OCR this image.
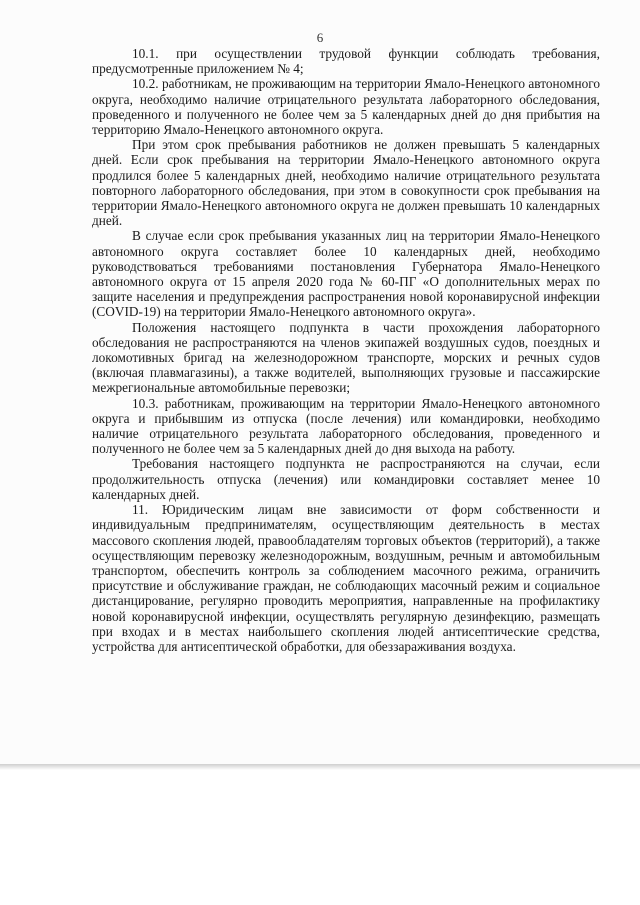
6

10.1. при осуществлении трудовой функции соблюдать требования, предусмотренные приложением № 4;

10.2. работникам, не проживающим на территории Ямало-Ненецкого автономного округа, необходимо наличие отрицательного результата лабораторного обследования, проведенного и полученного не более чем за 5 календарных дней до дня прибытия на территорию Ямало-Ненецкого автономного округа.

При этом срок пребывания работников не должен превышать 5 календарных дней. Если срок пребывания на территории Ямало-Ненецкого автономного округа продлился более 5 календарных дней, необходимо наличие отрицательного результата повторного лабораторного обследования, при этом в совокупности срок пребывания на территории Ямало-Ненецкого автономного округа не должен превышать 10 календарных дней.

В случае если срок пребывания указанных лиц на территории Ямало-Ненецкого автономного округа составляет более 10 календарных дней, необходимо руководствоваться требованиями постановления Губернатора Ямало-Ненецкого автономного округа от 15 апреля 2020 года № 60-ПГ «О дополнительных мерах по защите населения и предупреждения распространения новой коронавирусной инфекции (COVID-19) на территории Ямало-Ненецкого автономного округа».

Положения настоящего подпункта в части прохождения лабораторного обследования не распространяются на членов экипажей воздушных судов, поездных и локомотивных бригад на железнодорожном транспорте, морских и речных судов (включая плавмагазины), а также водителей, выполняющих грузовые и пассажирские межрегиональные автомобильные перевозки;

10.3. работникам, проживающим на территории Ямало-Ненецкого автономного округа и прибывшим из отпуска (после лечения) или командировки, необходимо наличие отрицательного результата лабораторного обследования, проведенного и полученного не более чем за 5 календарных дней до дня выхода на работу.

Требования настоящего подпункта не распространяются на случаи, если продолжительность отпуска (лечения) или командировки составляет менее 10 календарных дней.

11. Юридическим лицам вне зависимости от форм собственности и индивидуальным предпринимателям, осуществляющим деятельность в местах массового скопления людей, правообладателям торговых объектов (территорий), а также осуществляющим перевозку железнодорожным, воздушным, речным и автомобильным транспортом, обеспечить контроль за соблюдением масочного режима, ограничить присутствие и обслуживание граждан, не соблюдающих масочный режим и социальное дистанцирование, регулярно проводить мероприятия, направленные на профилактику новой коронавирусной инфекции, осуществлять регулярную дезинфекцию, размещать при входах и в местах наибольшего скопления людей антисептические средства, устройства для антисептической обработки, для обеззараживания воздуха.
